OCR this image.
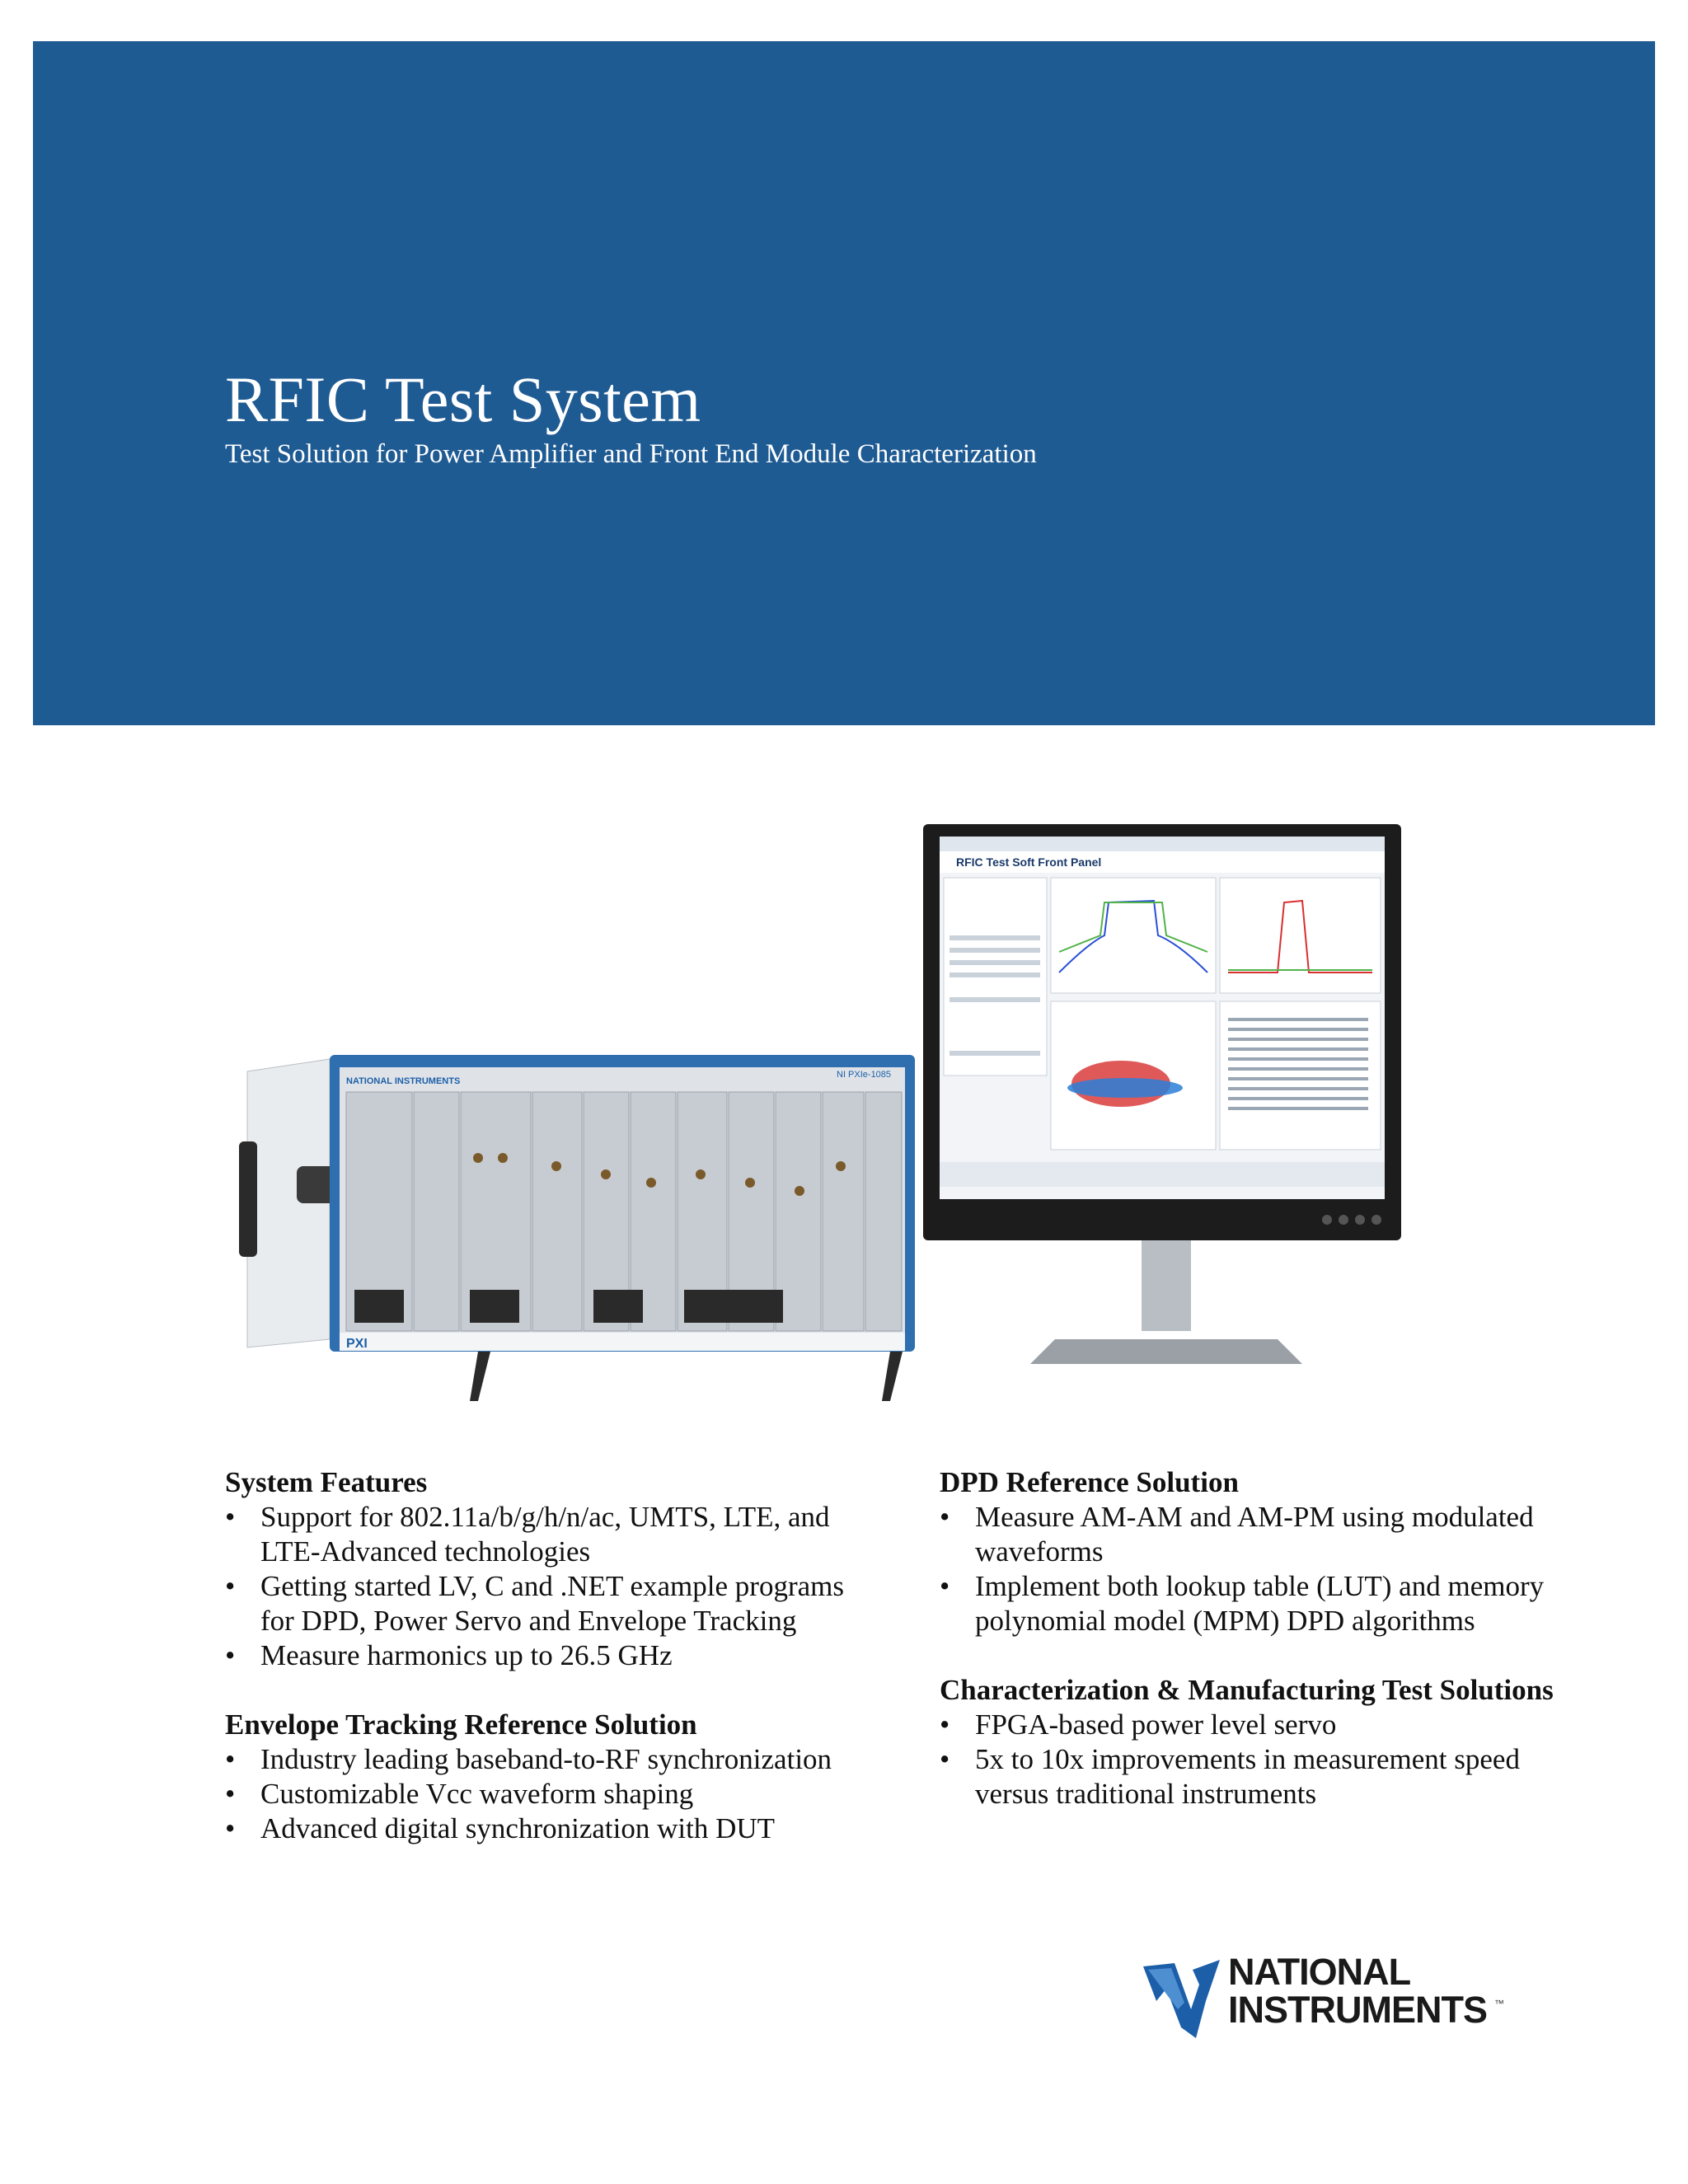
RFIC Test System

Test Solution for Power Amplifier and Front End Module Characterization

RFIC Test Soft Front Panel
NATIONAL INSTRUMENTS
NI PXIe-1085
PXI
System Features
• Support for 802.11a/b/g/h/n/ac, UMTS, LTE, and LTE-Advanced technologies
• Getting started LV, C and .NET example programs for DPD, Power Servo and Envelope Tracking
• Measure harmonics up to 26.5 GHz
Envelope Tracking Reference Solution
• Industry leading baseband-to-RF synchronization
• Customizable Vcc waveform shaping
• Advanced digital synchronization with DUT
DPD Reference Solution
• Measure AM-AM and AM-PM using modulated waveforms
• Implement both lookup table (LUT) and memory polynomial model (MPM) DPD algorithms
Characterization & Manufacturing Test Solutions
• FPGA-based power level servo
• 5x to 10x improvements in measurement speed versus traditional instruments
NATIONAL
INSTRUMENTS ™
